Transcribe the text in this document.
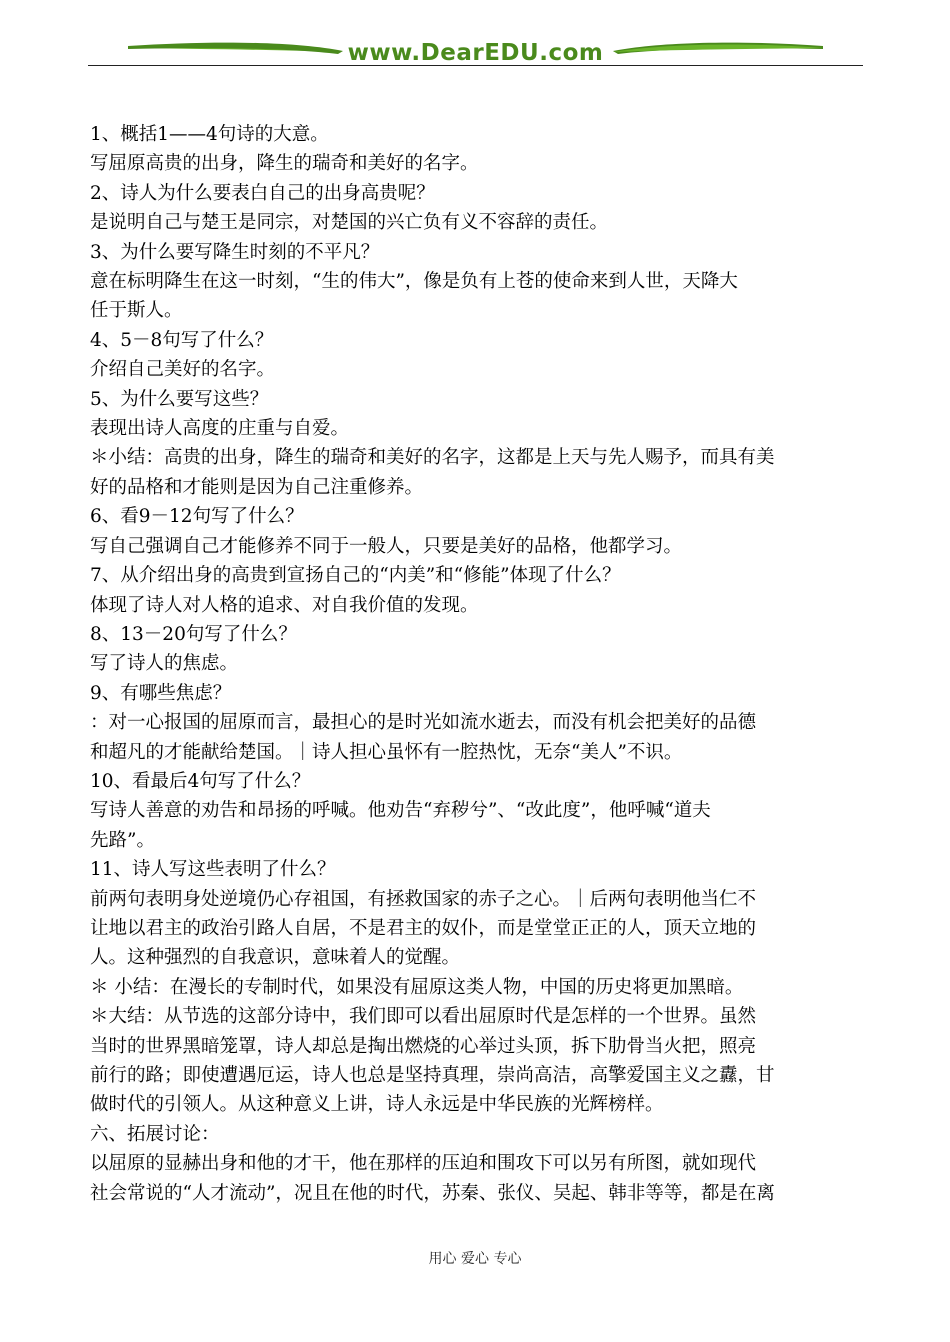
www.DearEDU.com
1、概括1——4句诗的大意。
写屈原高贵的出身，降生的瑞奇和美好的名字。
2、诗人为什么要表白自己的出身高贵呢？
是说明自己与楚王是同宗，对楚国的兴亡负有义不容辞的责任。
3、为什么要写降生时刻的不平凡？
意在标明降生在这一时刻，“生的伟大”，像是负有上苍的使命来到人世，天降大
任于斯人。
4、5－8句写了什么？
介绍自己美好的名字。
5、为什么要写这些？
表现出诗人高度的庄重与自爱。
＊小结：高贵的出身，降生的瑞奇和美好的名字，这都是上天与先人赐予，而具有美
好的品格和才能则是因为自己注重修养。
6、看9－12句写了什么？
写自己强调自己才能修养不同于一般人，只要是美好的品格，他都学习。
7、从介绍出身的高贵到宣扬自己的“内美”和“修能”体现了什么？
体现了诗人对人格的追求、对自我价值的发现。
8、13－20句写了什么？
写了诗人的焦虑。
9、有哪些焦虑？
：对一心报国的屈原而言，最担心的是时光如流水逝去，而没有机会把美好的品德
和超凡的才能献给楚国。｜诗人担心虽怀有一腔热忱，无奈“美人”不识。
10、看最后4句写了什么？
写诗人善意的劝告和昂扬的呼喊。他劝告“弃秽兮”、“改此度”，他呼喊“道夫
先路”。
11、诗人写这些表明了什么？
前两句表明身处逆境仍心存祖国，有拯救国家的赤子之心。｜后两句表明他当仁不
让地以君主的政治引路人自居，不是君主的奴仆，而是堂堂正正的人，顶天立地的
人。这种强烈的自我意识，意味着人的觉醒。
＊ 小结：在漫长的专制时代，如果没有屈原这类人物，中国的历史将更加黑暗。
＊大结：从节选的这部分诗中，我们即可以看出屈原时代是怎样的一个世界。虽然
当时的世界黑暗笼罩，诗人却总是掏出燃烧的心举过头顶，拆下肋骨当火把，照亮
前行的路；即使遭遇厄运，诗人也总是坚持真理，崇尚高洁，高擎爱国主义之纛，甘
做时代的引领人。从这种意义上讲，诗人永远是中华民族的光辉榜样。
六、拓展讨论：
以屈原的显赫出身和他的才干，他在那样的压迫和围攻下可以另有所图，就如现代
社会常说的“人才流动”，况且在他的时代，苏秦、张仪、吴起、韩非等等，都是在离
用心 爱心 专心
